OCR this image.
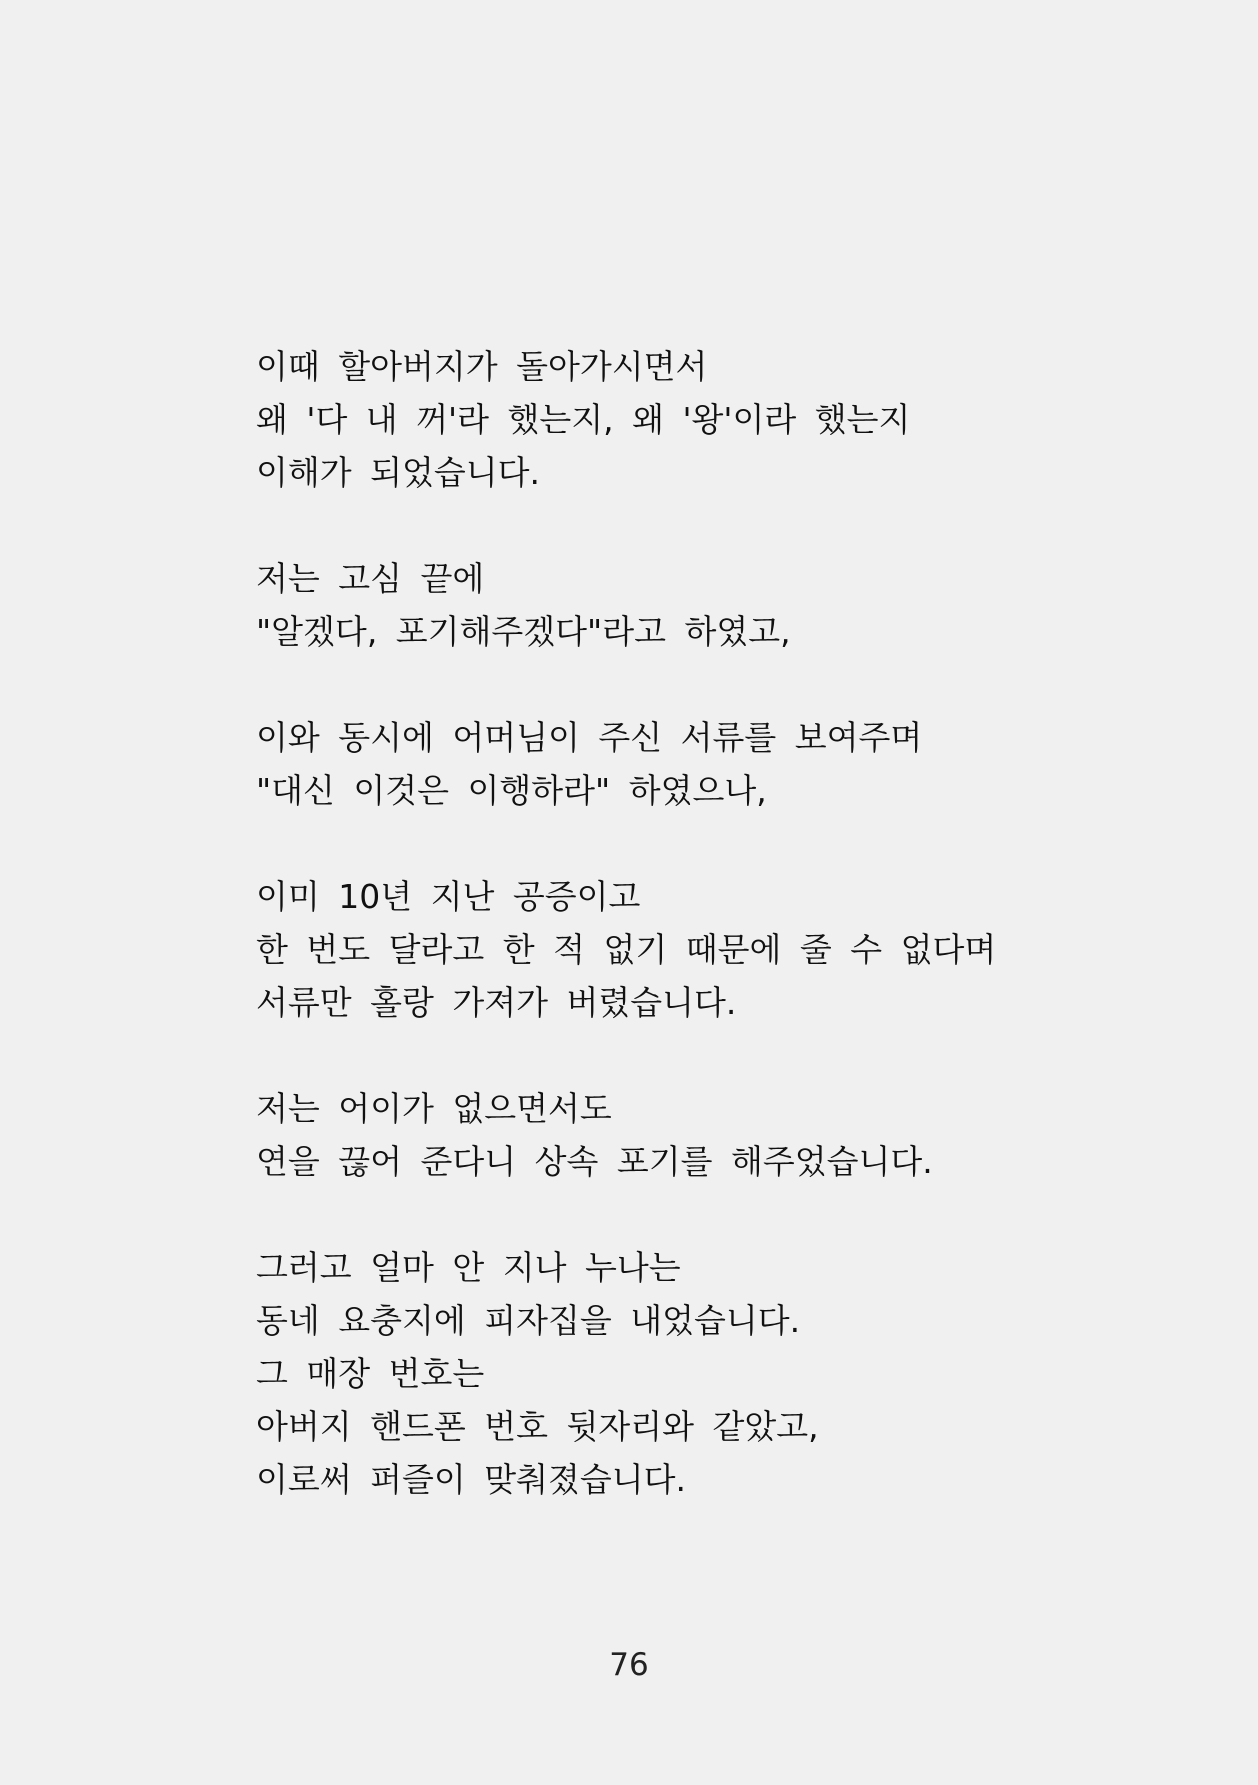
이때 할아버지가 돌아가시면서
왜 '다 내 꺼'라 했는지, 왜 '왕'이라 했는지
이해가 되었습니다.
저는 고심 끝에
"알겠다, 포기해주겠다"라고 하였고,
이와 동시에 어머님이 주신 서류를 보여주며
"대신 이것은 이행하라" 하였으나,
이미 10년 지난 공증이고
한 번도 달라고 한 적 없기 때문에 줄 수 없다며
서류만 홀랑 가져가 버렸습니다.
저는 어이가 없으면서도
연을 끊어 준다니 상속 포기를 해주었습니다.
그러고 얼마 안 지나 누나는
동네 요충지에 피자집을 내었습니다.
그 매장 번호는
아버지 핸드폰 번호 뒷자리와 같았고,
이로써 퍼즐이 맞춰졌습니다.
76
